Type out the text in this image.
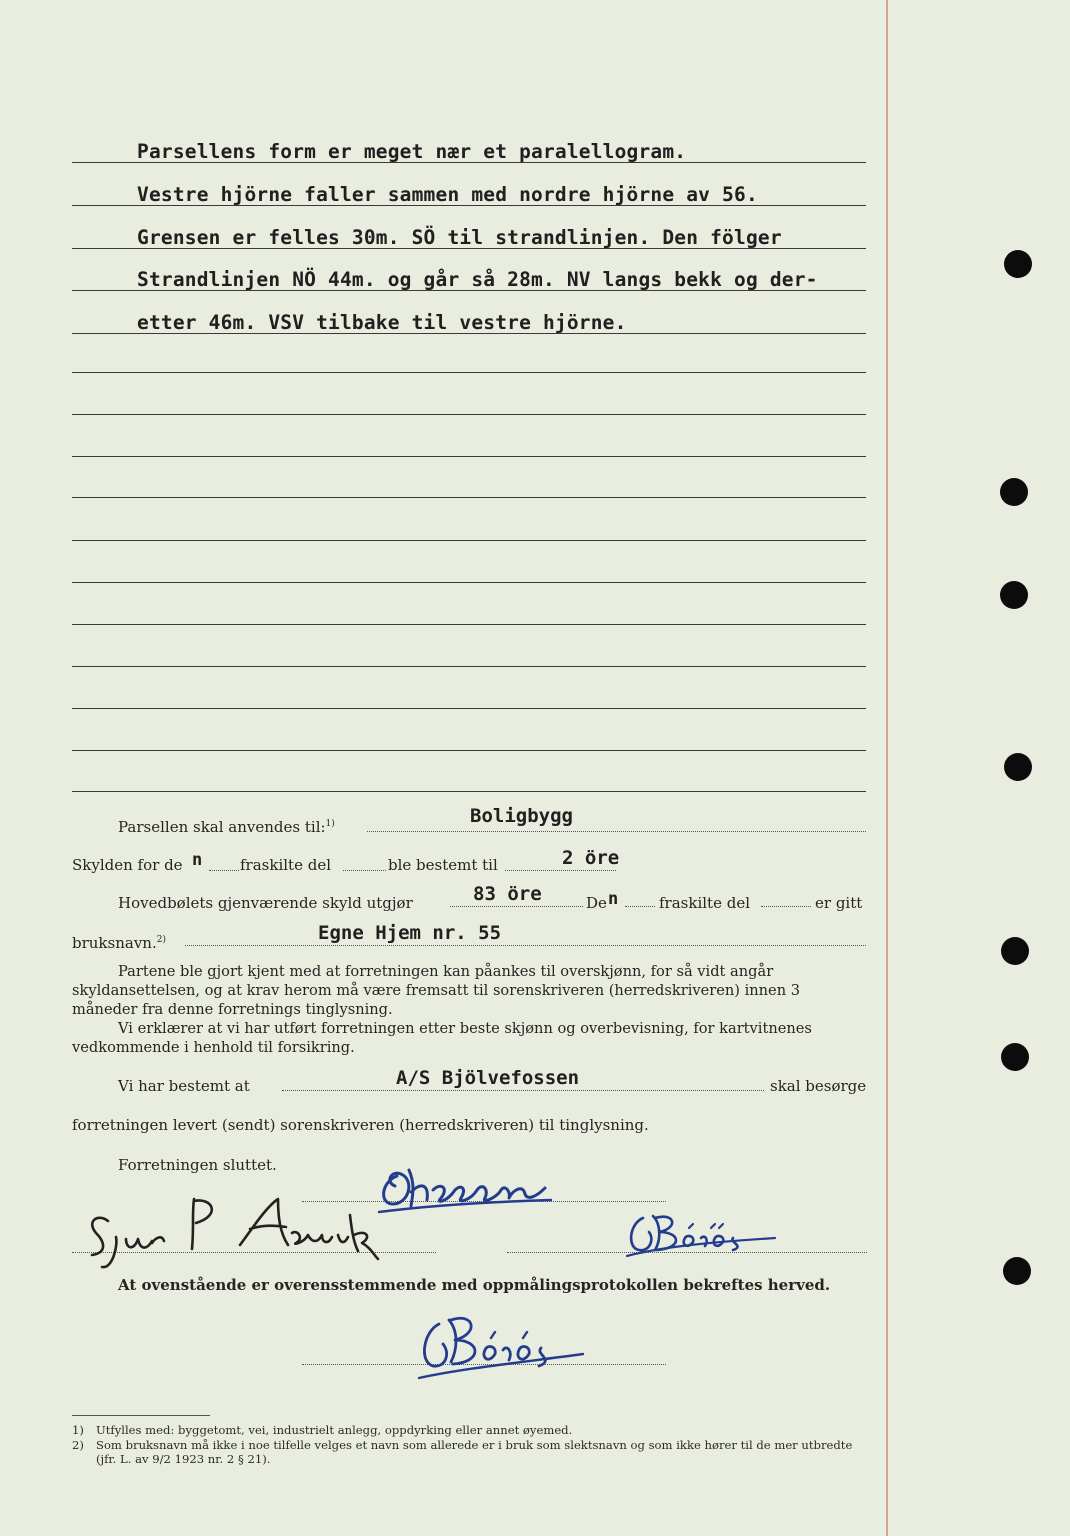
Parsellens form er meget nær et paralellogram.
Vestre hjörne faller sammen med nordre hjörne av 56.
Grensen er felles 30m. SÖ til strandlinjen. Den fölger
Strandlinjen NÖ 44m. og går så 28m. NV langs bekk og der-
etter 46m. VSV tilbake til vestre hjörne.
Parsellen skal anvendes til:$^{1)}$	Boligbygg
Skylden for de n	fraskilte del	ble bestemt til	2 öre
Hovedbølets gjenværende skyld utgjør	83 öre	De n	fraskilte del	er gitt
bruksnavn.$^{2)}$	Egne Hjem nr. 55

Partene ble gjort kjent med at forretningen kan påankes til overskjønn, for så vidt angår skyldansettelsen, og at krav herom må være fremsatt til sorenskriveren (herredskriveren) innen 3 måneder fra denne forretnings tinglysning.

Vi erklærer at vi har utført forretningen etter beste skjønn og overbevisning, for kartvitnenes vedkommende i henhold til forsikring.

Vi har bestemt at	A/S Bjölvefossen	skal besørge
forretningen levert (sendt) sorenskriveren (herredskriveren) til tinglysning.
Forretningen sluttet.
At ovenstående er overensstemmende med oppmålingsprotokollen bekreftes herved.
1)	Utfylles med: byggetomt, vei, industrielt anlegg, oppdyrking eller annet øyemed.

2)	Som bruksnavn må ikke i noe tilfelle velges et navn som allerede er i bruk som slektsnavn og som ikke hører til de mer utbredte (jfr. L. av 9/2 1923 nr. 2 § 21).
